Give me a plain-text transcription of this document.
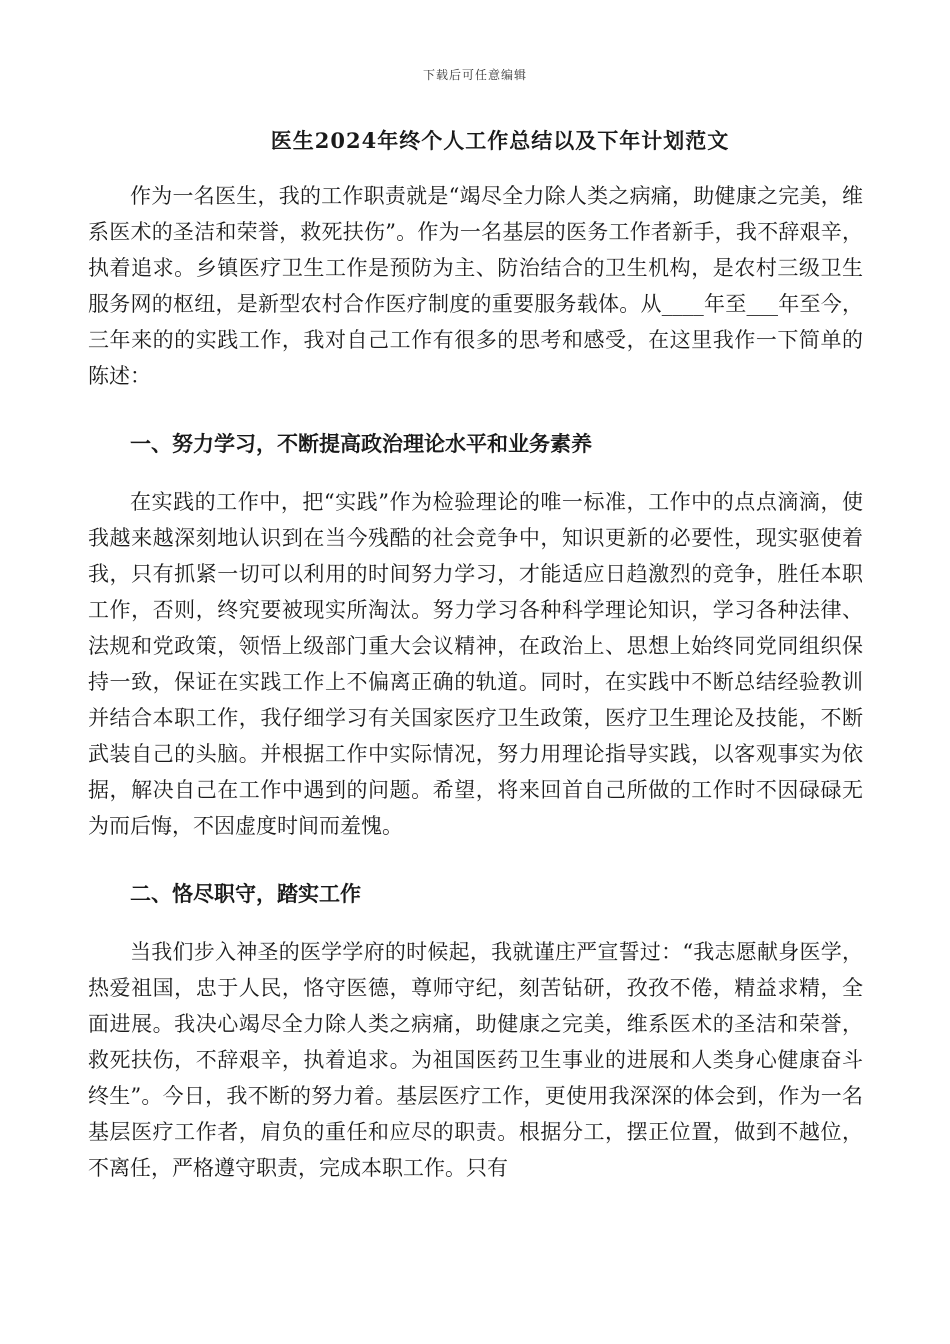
下载后可任意编辑
医生2024年终个人工作总结以及下年计划范文
作为一名医生，我的工作职责就是“竭尽全力除人类之病痛，助健康之完美，维系医术的圣洁和荣誉，救死扶伤”。作为一名基层的医务工作者新手，我不辞艰辛，执着追求。乡镇医疗卫生工作是预防为主、防治结合的卫生机构，是农村三级卫生服务网的枢纽，是新型农村合作医疗制度的重要服务载体。从____年至___年至今，三年来的的实践工作，我对自己工作有很多的思考和感受，在这里我作一下简单的陈述：
一、努力学习，不断提高政治理论水平和业务素养
在实践的工作中，把“实践”作为检验理论的唯一标准，工作中的点点滴滴，使我越来越深刻地认识到在当今残酷的社会竞争中，知识更新的必要性，现实驱使着我，只有抓紧一切可以利用的时间努力学习，才能适应日趋激烈的竞争，胜任本职工作，否则，终究要被现实所淘汰。努力学习各种科学理论知识，学习各种法律、法规和党政策，领悟上级部门重大会议精神，在政治上、思想上始终同党同组织保持一致，保证在实践工作上不偏离正确的轨道。同时，在实践中不断总结经验教训并结合本职工作，我仔细学习有关国家医疗卫生政策，医疗卫生理论及技能，不断武装自己的头脑。并根据工作中实际情况，努力用理论指导实践，以客观事实为依据，解决自己在工作中遇到的问题。希望，将来回首自己所做的工作时不因碌碌无为而后悔，不因虚度时间而羞愧。
二、恪尽职守，踏实工作
当我们步入神圣的医学学府的时候起，我就谨庄严宣誓过：“我志愿献身医学，热爱祖国，忠于人民，恪守医德，尊师守纪，刻苦钻研，孜孜不倦，精益求精，全面进展。我决心竭尽全力除人类之病痛，助健康之完美，维系医术的圣洁和荣誉，救死扶伤，不辞艰辛，执着追求。为祖国医药卫生事业的进展和人类身心健康奋斗终生”。今日，我不断的努力着。基层医疗工作，更使用我深深的体会到，作为一名基层医疗工作者，肩负的重任和应尽的职责。根据分工，摆正位置，做到不越位，不离任，严格遵守职责，完成本职工作。只有
